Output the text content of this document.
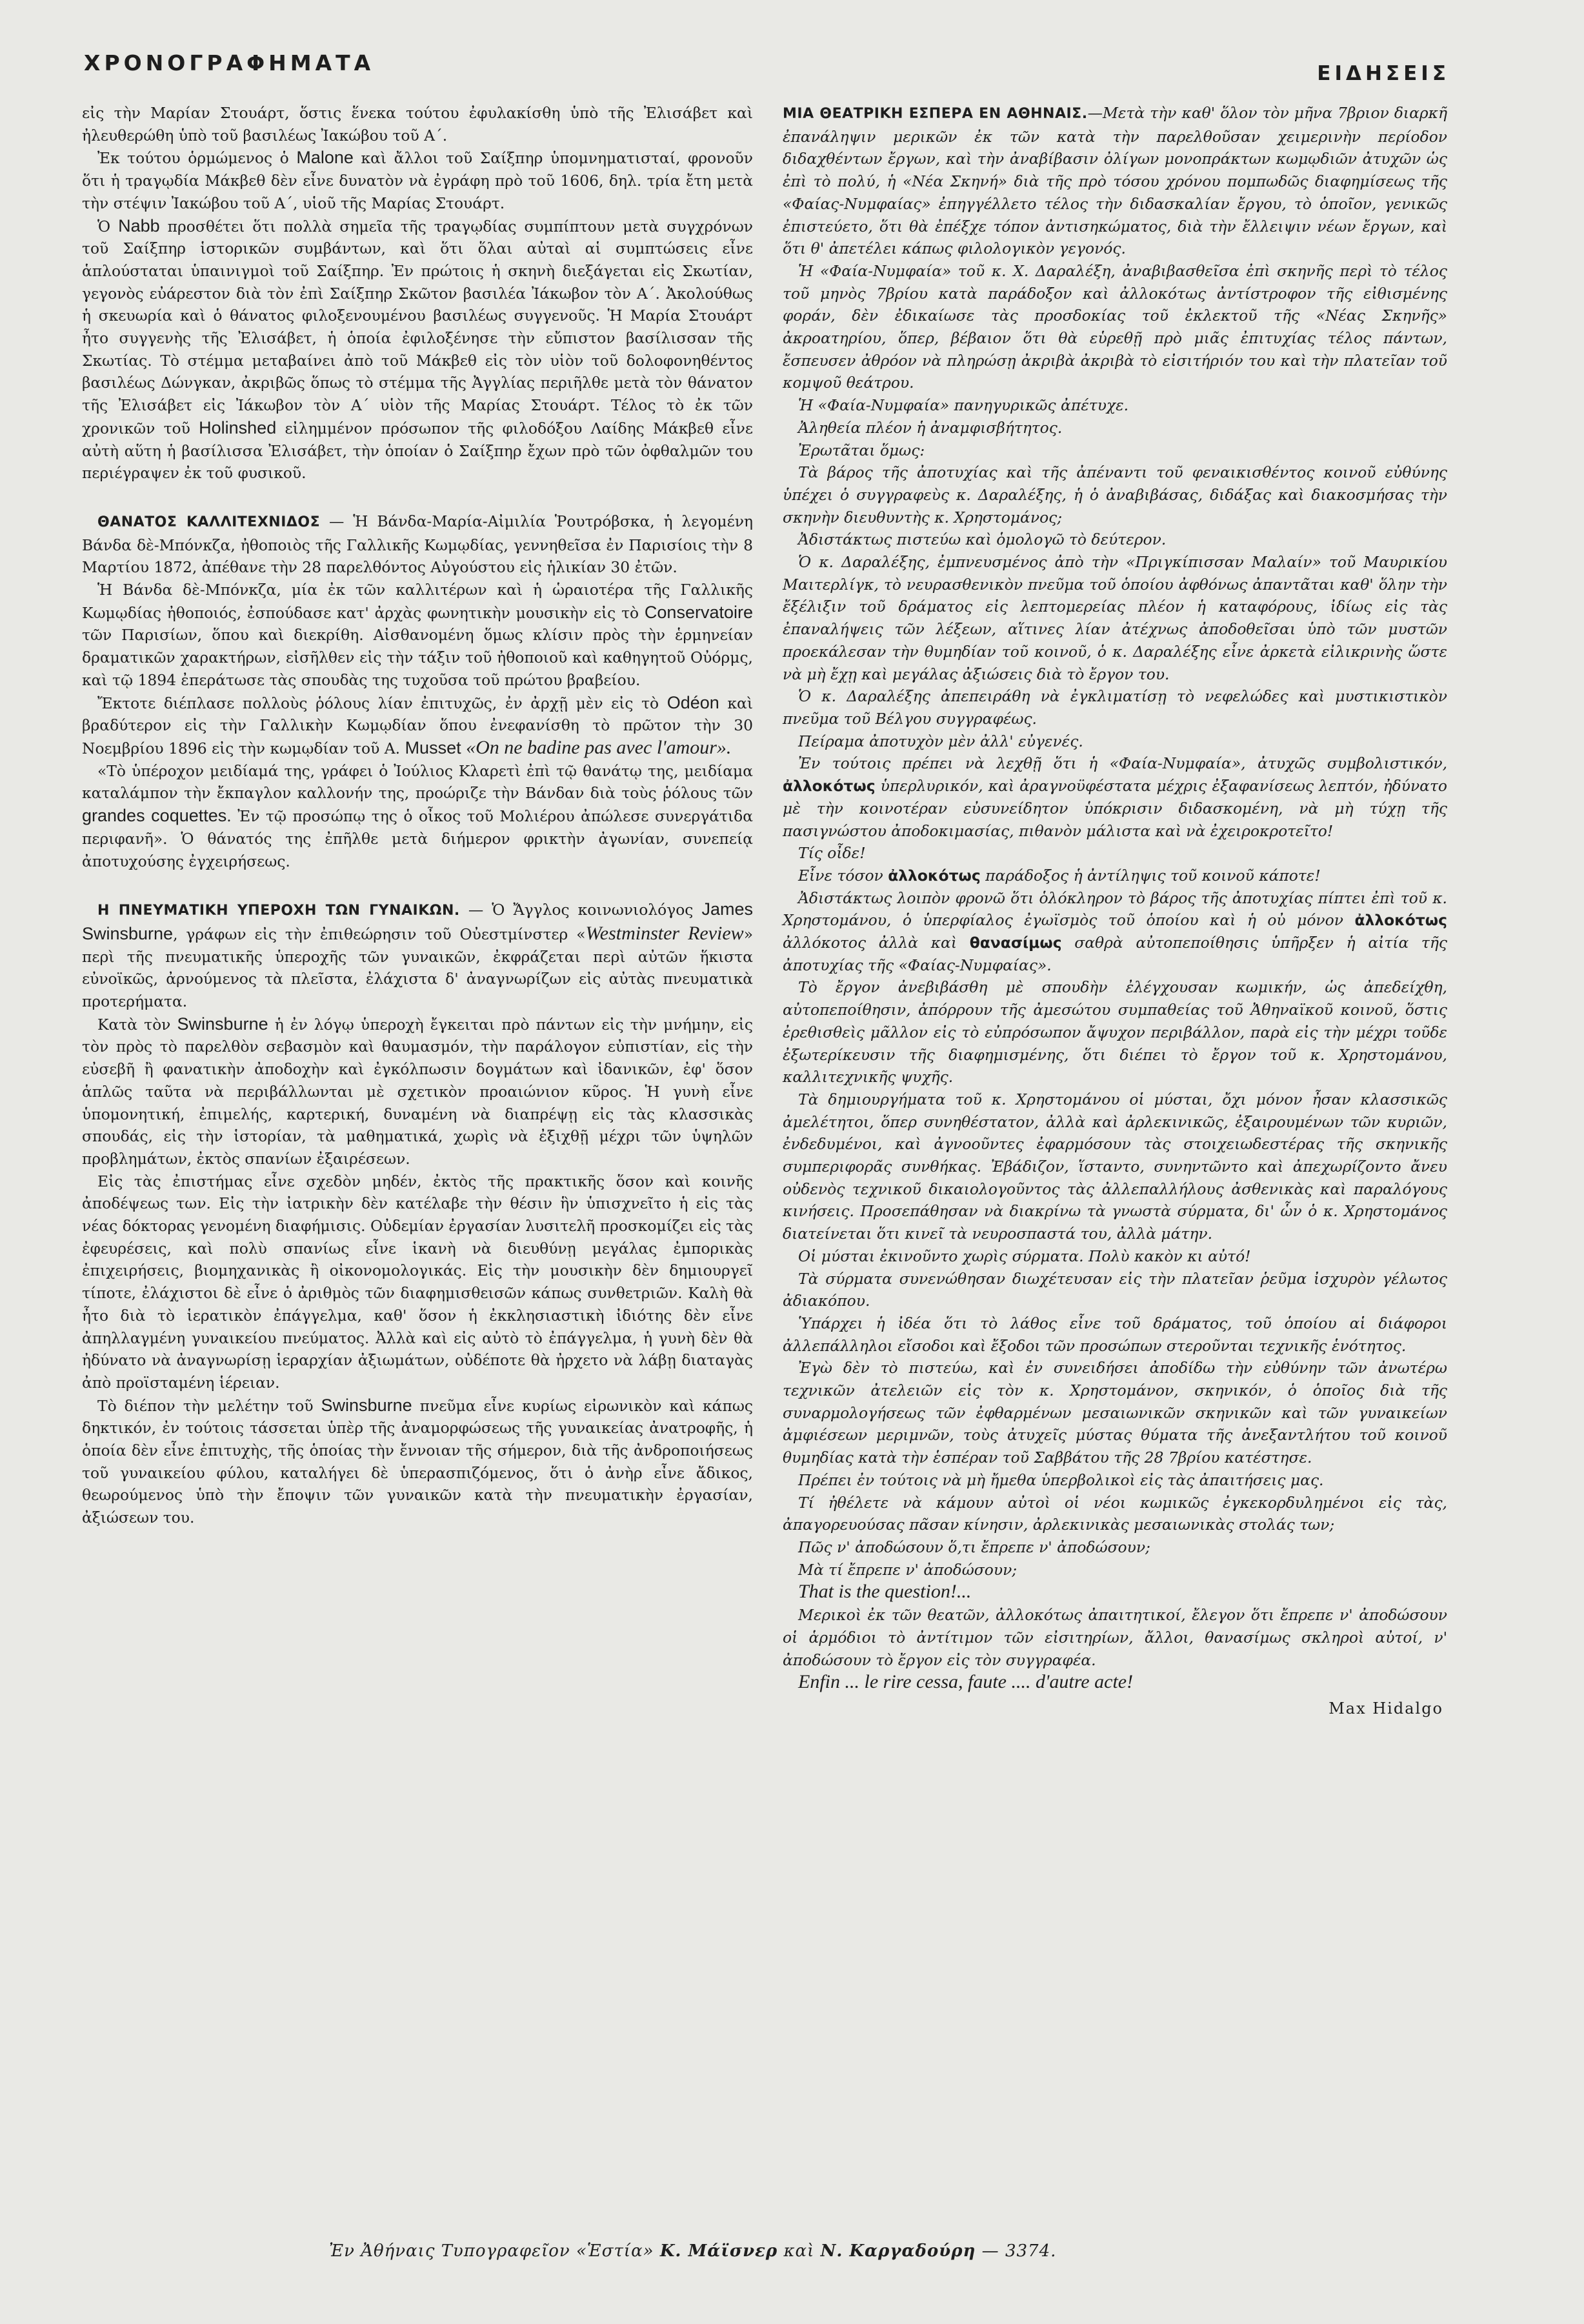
ΧΡΟΝΟΓΡΑΦΗΜΑΤΑ	ΕΙΔΗΣΕΙΣ

εἰς τὴν Μαρίαν Στουάρτ, ὅστις ἕνεκα τούτου ἐφυλακίσθη ὑπὸ τῆς Ἐλισάβετ καὶ ἠλευθερώθη ὑπὸ τοῦ βασιλέως Ἰακώβου τοῦ Α΄.

Ἐκ τούτου ὁρμώμενος ὁ Malone καὶ ἄλλοι τοῦ Σαίξπηρ ὑπομνηματισταί, φρονοῦν ὅτι ἡ τραγῳδία Μάκβεθ δὲν εἶνε δυνατὸν νὰ ἐγράφη πρὸ τοῦ 1606, δηλ. τρία ἔτη μετὰ τὴν στέψιν Ἰακώβου τοῦ Α΄, υἱοῦ τῆς Μαρίας Στουάρτ.

Ὁ Nabb προσθέτει ὅτι πολλὰ σημεῖα τῆς τραγῳδίας συμπίπτουν μετὰ συγχρόνων τοῦ Σαίξπηρ ἱστορικῶν συμβάντων, καὶ ὅτι ὅλαι αὐταὶ αἱ συμπτώσεις εἶνε ἁπλούσταται ὑπαινιγμοὶ τοῦ Σαίξπηρ. Ἐν πρώτοις ἡ σκηνὴ διεξάγεται εἰς Σκωτίαν, γεγονὸς εὐάρεστον διὰ τὸν ἐπὶ Σαίξπηρ Σκῶτον βασιλέα Ἰάκωβον τὸν Α΄. Ἀκολούθως ἡ σκευωρία καὶ ὁ θάνατος φιλοξενουμένου βασιλέως συγγενοῦς. Ἡ Μαρία Στουάρτ ἦτο συγγενὴς τῆς Ἐλισάβετ, ἡ ὁποία ἐφιλοξένησε τὴν εὔπιστον βασίλισσαν τῆς Σκωτίας. Τὸ στέμμα μεταβαίνει ἀπὸ τοῦ Μάκβεθ εἰς τὸν υἱὸν τοῦ δολοφονηθέντος βασιλέως Δώνγκαν, ἀκριβῶς ὅπως τὸ στέμμα τῆς Ἀγγλίας περιῆλθε μετὰ τὸν θάνατον τῆς Ἐλισάβετ εἰς Ἰάκωβον τὸν Α΄ υἱὸν τῆς Μαρίας Στουάρτ. Τέλος τὸ ἐκ τῶν χρονικῶν τοῦ Holinshed εἰλημμένον πρόσωπον τῆς φιλοδόξου Λαίδης Μάκβεθ εἶνε αὐτὴ αὕτη ἡ βασίλισσα Ἐλισάβετ, τὴν ὁποίαν ὁ Σαίξπηρ ἔχων πρὸ τῶν ὀφθαλμῶν του περιέγραψεν ἐκ τοῦ φυσικοῦ.

ΘΑΝΑΤΟΣ ΚΑΛΛΙΤΕΧΝΙΔΟΣ — Ἡ Βάνδα-Μαρία-Αἰμιλία Ῥουτρόβσκα, ἡ λεγομένη Βάνδα δὲ-Μπόνκζα, ἠθοποιὸς τῆς Γαλλικῆς Κωμῳδίας, γεννηθεῖσα ἐν Παρισίοις τὴν 8 Μαρτίου 1872, ἀπέθανε τὴν 28 παρελθόντος Αὐγούστου εἰς ἡλικίαν 30 ἐτῶν.

Ἡ Βάνδα δὲ-Μπόνκζα, μία ἐκ τῶν καλλιτέρων καὶ ἡ ὡραιοτέρα τῆς Γαλλικῆς Κωμῳδίας ἠθοποιός, ἐσπούδασε κατ' ἀρχὰς φωνητικὴν μουσικὴν εἰς τὸ Conservatoire τῶν Παρισίων, ὅπου καὶ διεκρίθη. Αἰσθανομένη ὅμως κλίσιν πρὸς τὴν ἑρμηνείαν δραματικῶν χαρακτήρων, εἰσῆλθεν εἰς τὴν τάξιν τοῦ ἠθοποιοῦ καὶ καθηγητοῦ Οὐόρμς, καὶ τῷ 1894 ἐπεράτωσε τὰς σπουδὰς της τυχοῦσα τοῦ πρώτου βραβείου.

Ἔκτοτε διέπλασε πολλοὺς ῥόλους λίαν ἐπιτυχῶς, ἐν ἀρχῇ μὲν εἰς τὸ Odéon καὶ βραδύτερον εἰς τὴν Γαλλικὴν Κωμῳδίαν ὅπου ἐνεφανίσθη τὸ πρῶτον τὴν 30 Νοεμβρίου 1896 εἰς τὴν κωμῳδίαν τοῦ A. Musset «On ne badine pas avec l'amour».

«Τὸ ὑπέροχον μειδίαμά της, γράφει ὁ Ἰούλιος Κλαρετὶ ἐπὶ τῷ θανάτῳ της, μειδίαμα καταλάμπον τὴν ἔκπαγλον καλλονήν της, προώριζε τὴν Βάνδαν διὰ τοὺς ῥόλους τῶν grandes coquettes. Ἐν τῷ προσώπῳ της ὁ οἶκος τοῦ Μολιέρου ἀπώλεσε συνεργάτιδα περιφανῆ». Ὁ θάνατός της ἐπῆλθε μετὰ διήμερον φρικτὴν ἀγωνίαν, συνεπείᾳ ἀποτυχούσης ἐγχειρήσεως.

Η ΠΝΕΥΜΑΤΙΚΗ ΥΠΕΡΟΧΗ ΤΩΝ ΓΥΝΑΙΚΩΝ. — Ὁ Ἄγγλος κοινωνιολόγος James Swinsburne, γράφων εἰς τὴν ἐπιθεώρησιν τοῦ Οὐεστμίνστερ «Westminster Review» περὶ τῆς πνευματικῆς ὑπεροχῆς τῶν γυναικῶν, ἐκφράζεται περὶ αὐτῶν ἥκιστα εὐνοϊκῶς, ἀρνούμενος τὰ πλεῖστα, ἐλάχιστα δ' ἀναγνωρίζων εἰς αὐτὰς πνευματικὰ προτερήματα.

Κατὰ τὸν Swinsburne ἡ ἐν λόγῳ ὑπεροχὴ ἔγκειται πρὸ πάντων εἰς τὴν μνήμην, εἰς τὸν πρὸς τὸ παρελθὸν σεβασμὸν καὶ θαυμασμόν, τὴν παράλογον εὐπιστίαν, εἰς τὴν εὐσεβῆ ἢ φανατικὴν ἀποδοχὴν καὶ ἐγκόλπωσιν δογμάτων καὶ ἰδανικῶν, ἐφ' ὅσον ἁπλῶς ταῦτα νὰ περιβάλλωνται μὲ σχετικὸν προαιώνιον κῦρος. Ἡ γυνὴ εἶνε ὑπομονητική, ἐπιμελής, καρτερική, δυναμένη νὰ διαπρέψῃ εἰς τὰς κλασσικὰς σπουδάς, εἰς τὴν ἱστορίαν, τὰ μαθηματικά, χωρὶς νὰ ἐξιχθῇ μέχρι τῶν ὑψηλῶν προβλημάτων, ἐκτὸς σπανίων ἐξαιρέσεων.

Εἰς τὰς ἐπιστήμας εἶνε σχεδὸν μηδέν, ἐκτὸς τῆς πρακτικῆς ὅσον καὶ κοινῆς ἀποδέψεως των. Εἰς τὴν ἰατρικὴν δὲν κατέλαβε τὴν θέσιν ἣν ὑπισχνεῖτο ἡ εἰς τὰς νέας δόκτορας γενομένη διαφήμισις. Οὐδεμίαν ἐργασίαν λυσιτελῆ προσκομίζει εἰς τὰς ἐφευρέσεις, καὶ πολὺ σπανίως εἶνε ἱκανὴ νὰ διευθύνῃ μεγάλας ἐμπορικὰς ἐπιχειρήσεις, βιομηχανικὰς ἢ οἰκονομολογικάς. Εἰς τὴν μουσικὴν δὲν δημιουργεῖ τίποτε, ἐλάχιστοι δὲ εἶνε ὁ ἀριθμὸς τῶν διαφημισθεισῶν κάπως συνθετριῶν. Καλὴ θὰ ἦτο διὰ τὸ ἱερατικὸν ἐπάγγελμα, καθ' ὅσον ἡ ἐκκλησιαστικὴ ἰδιότης δὲν εἶνε ἀπηλλαγμένη γυναικείου πνεύματος. Ἀλλὰ καὶ εἰς αὐτὸ τὸ ἐπάγγελμα, ἡ γυνὴ δὲν θὰ ἠδύνατο νὰ ἀναγνωρίσῃ ἱεραρχίαν ἀξιωμάτων, οὐδέποτε θὰ ἠρχετο νὰ λάβῃ διαταγὰς ἀπὸ προϊσταμένη ἱέρειαν.

Τὸ διέπον τὴν μελέτην τοῦ Swinsburne πνεῦμα εἶνε κυρίως εἰρωνικὸν καὶ κάπως δηκτικόν, ἐν τούτοις τάσσεται ὑπὲρ τῆς ἀναμορφώσεως τῆς γυναικείας ἀνατροφῆς, ἡ ὁποία δὲν εἶνε ἐπιτυχὴς, τῆς ὁποίας τὴν ἔννοιαν τῆς σήμερον, διὰ τῆς ἀνδροποιήσεως τοῦ γυναικείου φύλου, καταλήγει δὲ ὑπερασπιζόμενος, ὅτι ὁ ἀνὴρ εἶνε ἄδικος, θεωρούμενος ὑπὸ τὴν ἔποψιν τῶν γυναικῶν κατὰ τὴν πνευματικὴν ἐργασίαν, ἀξιώσεων του.

ΜΙΑ ΘΕΑΤΡΙΚΗ ΕΣΠΕΡΑ ΕΝ ΑΘΗΝΑΙΣ.—Μετὰ τὴν καθ' ὅλον τὸν μῆνα 7βριον διαρκῆ ἐπανάληψιν μερικῶν ἐκ τῶν κατὰ τὴν παρελθοῦσαν χειμερινὴν περίοδον διδαχθέντων ἔργων, καὶ τὴν ἀναβίβασιν ὀλίγων μονοπράκτων κωμῳδιῶν ἀτυχῶν ὡς ἐπὶ τὸ πολύ, ἡ «Νέα Σκηνή» διὰ τῆς πρὸ τόσου χρόνου πομπωδῶς διαφημίσεως τῆς «Φαίας-Νυμφαίας» ἐπηγγέλλετο τέλος τὴν διδασκαλίαν ἔργου, τὸ ὁποῖον, γενικῶς ἐπιστεύετο, ὅτι θὰ ἐπέξχε τόπον ἀντισηκώματος, διὰ τὴν ἔλλειψιν νέων ἔργων, καὶ ὅτι θ' ἀπετέλει κάπως φιλολογικὸν γεγονός.

Ἡ «Φαία-Νυμφαία» τοῦ κ. Χ. Δαραλέξη, ἀναβιβασθεῖσα ἐπὶ σκηνῆς περὶ τὸ τέλος τοῦ μηνὸς 7βρίου κατὰ παράδοξον καὶ ἀλλοκότως ἀντίστροφον τῆς εἰθισμένης φοράν, δὲν ἐδικαίωσε τὰς προσδοκίας τοῦ ἐκλεκτοῦ τῆς «Νέας Σκηνῆς» ἀκροατηρίου, ὅπερ, βέβαιον ὅτι θὰ εὑρεθῇ πρὸ μιᾶς ἐπιτυχίας τέλος πάντων, ἔσπευσεν ἀθρόον νὰ πληρώσῃ ἀκριβὰ ἀκριβὰ τὸ εἰσιτήριόν του καὶ τὴν πλατεῖαν τοῦ κομψοῦ θεάτρου.

Ἡ «Φαία-Νυμφαία» πανηγυρικῶς ἀπέτυχε.

Ἀληθεία πλέον ἡ ἀναμφισβήτητος.

Ἐρωτᾶται ὅμως:

Τὰ βάρος τῆς ἀποτυχίας καὶ τῆς ἀπέναντι τοῦ φεναικισθέντος κοινοῦ εὐθύνης ὑπέχει ὁ συγγραφεὺς κ. Δαραλέξης, ἡ ὁ ἀναβιβάσας, διδάξας καὶ διακοσμήσας τὴν σκηνὴν διευθυντὴς κ. Χρηστομάνος;

Ἀδιστάκτως πιστεύω καὶ ὁμολογῶ τὸ δεύτερον.

Ὁ κ. Δαραλέξης, ἐμπνευσμένος ἀπὸ τὴν «Πριγκίπισσαν Μαλαίν» τοῦ Μαυρικίου Μαιτερλίγκ, τὸ νευρασθενικὸν πνεῦμα τοῦ ὁποίου ἀφθόνως ἀπαντᾶται καθ' ὅλην τὴν ἔξέλιξιν τοῦ δράματος εἰς λεπτομερείας πλέον ἡ καταφόρους, ἰδίως εἰς τὰς ἐπαναλήψεις τῶν λέξεων, αἵτινες λίαν ἀτέχνως ἀποδοθεῖσαι ὑπὸ τῶν μυστῶν προεκάλεσαν τὴν θυμηδίαν τοῦ κοινοῦ, ὁ κ. Δαραλέξης εἶνε ἀρκετὰ εἰλικρινὴς ὥστε νὰ μὴ ἔχῃ καὶ μεγάλας ἀξιώσεις διὰ τὸ ἔργον του.

Ὁ κ. Δαραλέξης ἀπεπειράθη νὰ ἐγκλιματίσῃ τὸ νεφελώδες καὶ μυστικιστικὸν πνεῦμα τοῦ Βέλγου συγγραφέως.

Πείραμα ἀποτυχὸν μὲν ἀλλ' εὐγενές.

Ἐν τούτοις πρέπει νὰ λεχθῇ ὅτι ἡ «Φαία-Νυμφαία», ἀτυχῶς συμβολιστικόν, ἀλλοκότως ὑπερλυρικόν, καὶ ἀραγνοϋφέστατα μέχρις ἐξαφανίσεως λεπτόν, ἠδύνατο μὲ τὴν κοινοτέραν εὐσυνείδητον ὑπόκρισιν διδασκομένη, νὰ μὴ τύχῃ τῆς πασιγνώστου ἀποδοκιμασίας, πιθανὸν μάλιστα καὶ νὰ ἐχειροκροτεῖτο!

Τίς οἶδε!

Εἶνε τόσον ἀλλοκότως παράδοξος ἡ ἀντίληψις τοῦ κοινοῦ κάποτε!

Ἀδιστάκτως λοιπὸν φρονῶ ὅτι ὁλόκληρον τὸ βάρος τῆς ἀποτυχίας πίπτει ἐπὶ τοῦ κ. Χρηστομάνου, ὁ ὑπερφίαλος ἐγωϊσμὸς τοῦ ὁποίου καὶ ἡ οὐ μόνον ἀλλοκότως ἀλλόκοτος ἀλλὰ καὶ θανασίμως σαθρὰ αὐτοπεποίθησις ὑπῆρξεν ἡ αἰτία τῆς ἀποτυχίας τῆς «Φαίας-Νυμφαίας».

Τὸ ἔργον ἀνεβιβάσθη μὲ σπουδὴν ἐλέγχουσαν κωμικήν, ὡς ἀπεδείχθη, αὐτοπεποίθησιν, ἀπόρρουν τῆς ἀμεσώτου συμπαθείας τοῦ Ἀθηναϊκοῦ κοινοῦ, ὅστις ἐρεθισθεὶς μᾶλλον εἰς τὸ εὐπρόσωπον ἄψυχον περιβάλλον, παρὰ εἰς τὴν μέχρι τοῦδε ἐξωτερίκευσιν τῆς διαφημισμένης, ὅτι διέπει τὸ ἔργον τοῦ κ. Χρηστομάνου, καλλιτεχνικῆς ψυχῆς.

Τὰ δημιουργήματα τοῦ κ. Χρηστομάνου οἱ μύσται, ὄχι μόνον ἦσαν κλασσικῶς ἀμελέτητοι, ὅπερ συνηθέστατον, ἀλλὰ καὶ ἀρλεκινικῶς, ἐξαιρουμένων τῶν κυριῶν, ἐνδεδυμένοι, καὶ ἀγνοοῦντες ἐφαρμόσουν τὰς στοιχειωδεστέρας τῆς σκηνικῆς συμπεριφορᾶς συνθήκας. Ἐβάδιζον, ἵσταντο, συνηντῶντο καὶ ἀπεχωρίζοντο ἄνευ οὐδενὸς τεχνικοῦ δικαιολογοῦντος τὰς ἀλλεπαλλήλους ἀσθενικὰς καὶ παραλόγους κινήσεις. Προσεπάθησαν νὰ διακρίνω τὰ γνωστὰ σύρματα, δι' ὧν ὁ κ. Χρηστομάνος διατείνεται ὅτι κινεῖ τὰ νευροσπαστά του, ἀλλὰ μάτην.

Οἱ μύσται ἐκινοῦντο χωρὶς σύρματα. Πολὺ κακὸν κι αὐτό!

Τὰ σύρματα συνενώθησαν διωχέτευσαν εἰς τὴν πλατεῖαν ῥεῦμα ἰσχυρὸν γέλωτος ἀδιακόπου.

Ὑπάρχει ἡ ἰδέα ὅτι τὸ λάθος εἶνε τοῦ δράματος, τοῦ ὁποίου αἱ διάφοροι ἀλλεπάλληλοι εἴσοδοι καὶ ἔξοδοι τῶν προσώπων στεροῦνται τεχνικῆς ἑνότητος.

Ἐγὼ δὲν τὸ πιστεύω, καὶ ἐν συνειδήσει ἀποδίδω τὴν εὐθύνην τῶν ἀνωτέρω τεχνικῶν ἀτελειῶν εἰς τὸν κ. Χρηστομάνον, σκηνικόν, ὁ ὁποῖος διὰ τῆς συναρμολογήσεως τῶν ἐφθαρμένων μεσαιωνικῶν σκηνικῶν καὶ τῶν γυναικείων ἀμφιέσεων μεριμνῶν, τοὺς ἀτυχεῖς μύστας θύματα τῆς ἀνεξαντλήτου τοῦ κοινοῦ θυμηδίας κατὰ τὴν ἑσπέραν τοῦ Σαββάτου τῆς 28 7βρίου κατέστησε.

Πρέπει ἐν τούτοις νὰ μὴ ἤμεθα ὑπερβολικοὶ εἰς τὰς ἀπαιτήσεις μας.

Τί ἠθέλετε νὰ κάμουν αὐτοὶ οἱ νέοι κωμικῶς ἐγκεκορδυλημένοι εἰς τὰς, ἀπαγορευούσας πᾶσαν κίνησιν, ἀρλεκινικὰς μεσαιωνικὰς στολάς των;

Πῶς ν' ἀποδώσουν ὅ,τι ἔπρεπε ν' ἀποδώσουν;

Μὰ τί ἔπρεπε ν' ἀποδώσουν;

That is the question!...

Μερικοὶ ἐκ τῶν θεατῶν, ἀλλοκότως ἀπαιτητικοί, ἔλεγον ὅτι ἔπρεπε ν' ἀποδώσουν οἱ ἁρμόδιοι τὸ ἀντίτιμον τῶν εἰσιτηρίων, ἄλλοι, θανασίμως σκληροὶ αὐτοί, ν' ἀποδώσουν τὸ ἔργον εἰς τὸν συγγραφέα.

Enfin ... le rire cessa, faute .... d'autre acte!

Max Hidalgo
Ἐν Ἀθήναις Τυπογραφεῖον «Ἑστία» Κ. Μάϊσνερ καὶ Ν. Καργαδούρη — 3374.
